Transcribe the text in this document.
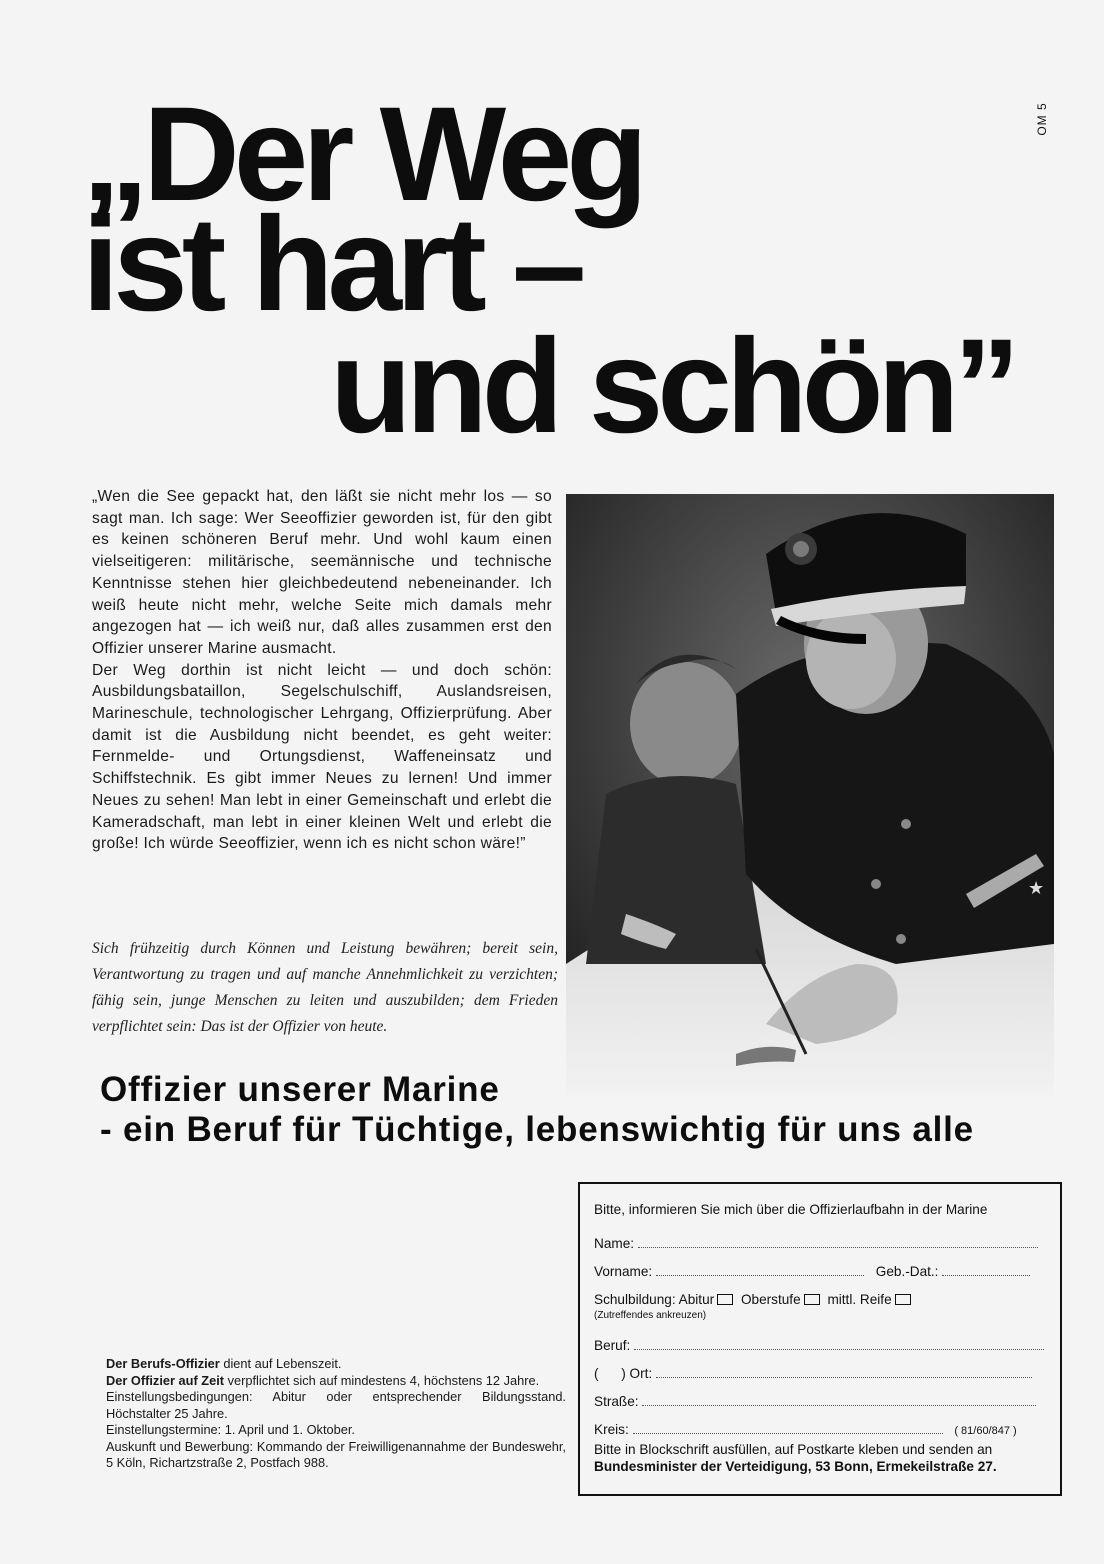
OM 5
„Der Weg
ist hart –
und schön”

„Wen die See gepackt hat, den läßt sie nicht mehr los — so sagt man. Ich sage: Wer Seeoffizier geworden ist, für den gibt es keinen schöneren Beruf mehr. Und wohl kaum einen vielseitigeren: militärische, seemännische und technische Kenntnisse stehen hier gleichbedeutend nebeneinander. Ich weiß heute nicht mehr, welche Seite mich damals mehr angezogen hat — ich weiß nur, daß alles zusammen erst den Offizier unserer Marine ausmacht.

Der Weg dorthin ist nicht leicht — und doch schön: Ausbildungsbataillon, Segelschulschiff, Auslandsreisen, Marineschule, technologischer Lehrgang, Offizierprüfung. Aber damit ist die Ausbildung nicht beendet, es geht weiter: Fernmelde- und Ortungsdienst, Waffeneinsatz und Schiffstechnik. Es gibt immer Neues zu lernen! Und immer Neues zu sehen! Man lebt in einer Gemeinschaft und erlebt die Kameradschaft, man lebt in einer kleinen Welt und erlebt die große! Ich würde Seeoffizier, wenn ich es nicht schon wäre!”

Sich frühzeitig durch Können und Leistung bewähren; bereit sein, Verantwortung zu tragen und auf manche Annehmlichkeit zu verzichten; fähig sein, junge Menschen zu leiten und auszubilden; dem Frieden verpflichtet sein: Das ist der Offizier von heute.
★
Offizier unserer Marine
- ein Beruf für Tüchtige, lebenswichtig für uns alle

Der Berufs-Offizier dient auf Lebenszeit.

Der Offizier auf Zeit verpflichtet sich auf mindestens 4, höchstens 12 Jahre.

Einstellungsbedingungen: Abitur oder entsprechender Bildungsstand. Höchstalter 25 Jahre.

Einstellungstermine: 1. April und 1. Oktober.

Auskunft und Bewerbung: Kommando der Freiwilligenannahme der Bundeswehr, 5 Köln, Richartzstraße 2, Postfach 988.

Bitte, informieren Sie mich über die Offizierlaufbahn in der Marine
Name:
Vorname:	Geb.-Dat.:
Schulbildung: Abitur Oberstufe mittl. Reife
(Zutreffendes ankreuzen)
Beruf:
(      ) Ort:
Straße:
Kreis:	( 81/60/847 )
Bitte in Blockschrift ausfüllen, auf Postkarte kleben und senden an
Bundesminister der Verteidigung, 53 Bonn, Ermekeilstraße 27.
